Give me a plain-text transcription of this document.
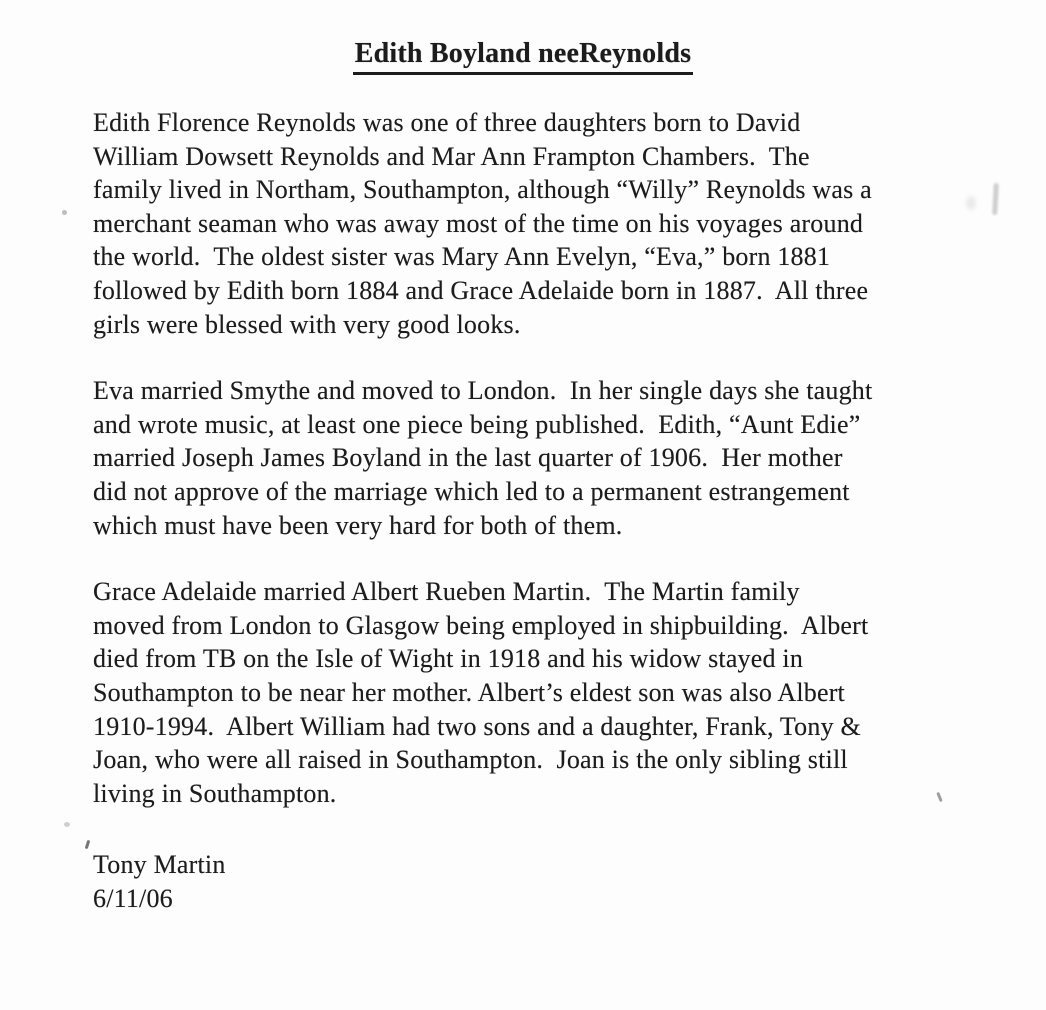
Edith Boyland neeReynolds
Edith Florence Reynolds was one of three daughters born to David
William Dowsett Reynolds and Mar Ann Frampton Chambers.  The
family lived in Northam, Southampton, although “Willy” Reynolds was a
merchant seaman who was away most of the time on his voyages around
the world.  The oldest sister was Mary Ann Evelyn, “Eva,” born 1881
followed by Edith born 1884 and Grace Adelaide born in 1887.  All three
girls were blessed with very good looks.
Eva married Smythe and moved to London.  In her single days she taught
and wrote music, at least one piece being published.  Edith, “Aunt Edie”
married Joseph James Boyland in the last quarter of 1906.  Her mother
did not approve of the marriage which led to a permanent estrangement
which must have been very hard for both of them.
Grace Adelaide married Albert Rueben Martin.  The Martin family
moved from London to Glasgow being employed in shipbuilding.  Albert
died from TB on the Isle of Wight in 1918 and his widow stayed in
Southampton to be near her mother. Albert’s eldest son was also Albert
1910-1994.  Albert William had two sons and a daughter, Frank, Tony &
Joan, who were all raised in Southampton.  Joan is the only sibling still
living in Southampton.
Tony Martin
6/11/06
